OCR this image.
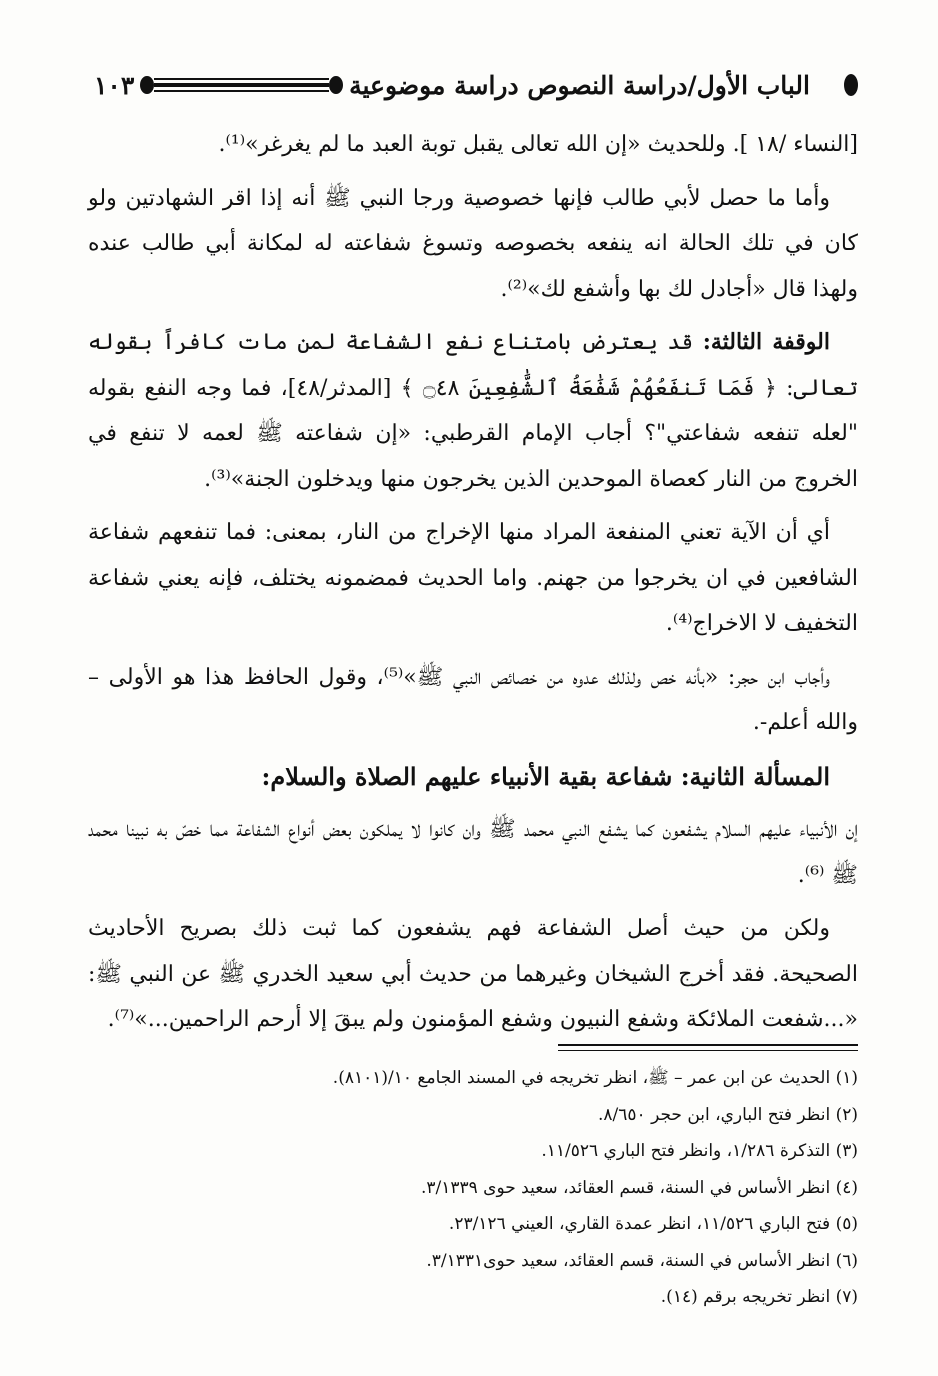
الباب الأول/دراسة النصوص دراسة موضوعية
١٠٣

[النساء /١٨ ]. وللحديث «إن الله تعالى يقبل توبة العبد ما لم يغرغر»⁽¹⁾.

وأما ما حصل لأبي طالب فإنها خصوصية ورجا النبي ﷺ أنه إذا اقر الشهادتين ولو كان في تلك الحالة انه ينفعه بخصوصه وتسوغ شفاعته له لمكانة أبي طالب عنده ولهذا قال «أجادل لك بها وأشفع لك»⁽²⁾.

الوقفة الثالثة: قد يعترض بامتناع نفع الشفاعة لمن مات كافراً بقوله تعالى: ﴿ فَمَا تَنفَعُهُمْ شَفَٰعَةُ ٱلشَّٰفِعِينَ ۝٤٨ ﴾ [المدثر/٤٨]، فما وجه النفع بقوله "لعله تنفعه شفاعتي"؟ أجاب الإمام القرطبي: «إن شفاعته ﷺ لعمه لا تنفع في الخروج من النار كعصاة الموحدين الذين يخرجون منها ويدخلون الجنة»⁽³⁾.

أي أن الآية تعني المنفعة المراد منها الإخراج من النار، بمعنى: فما تنفعهم شفاعة الشافعين في ان يخرجوا من جهنم. واما الحديث فمضمونه يختلف، فإنه يعني شفاعة التخفيف لا الاخراج⁽⁴⁾.

وأجاب ابن حجر: «بأنه خص ولذلك عدوه من خصائص النبي ﷺ»⁽⁵⁾، وقول الحافظ هذا هو الأولى –والله أعلم-.

المسألة الثانية: شفاعة بقية الأنبياء عليهم الصلاة والسلام:

إن الأنبياء عليهم السلام يشفعون كما يشفع النبي محمد ﷺ وان كانوا لا يملكون بعض أنواع الشفاعة مما خصّ به نبينا محمد ﷺ ⁽⁶⁾.

ولكن من حيث أصل الشفاعة فهم يشفعون كما ثبت ذلك بصريح الأحاديث الصحيحة. فقد أخرج الشيخان وغيرهما من حديث أبي سعيد الخدري ﷺ عن النبي ﷺ: «...شفعت الملائكة وشفع النبيون وشفع المؤمنون ولم يبقَ إلا أرحم الراحمين...»⁽⁷⁾.

(١) الحديث عن ابن عمر – ﷺ، انظر تخريجه في المسند الجامع ١٠/(٨١٠١).
(٢) انظر فتح الباري، ابن حجر ٨/٦٥٠.
(٣) التذكرة ١/٢٨٦، وانظر فتح الباري ١١/٥٢٦.
(٤) انظر الأساس في السنة، قسم العقائد، سعيد حوى ٣/١٣٣٩.
(٥) فتح الباري ١١/٥٢٦، انظر عمدة القاري، العيني ٢٣/١٢٦.
(٦) انظر الأساس في السنة، قسم العقائد، سعيد حوى٣/١٣٣١.
(٧) انظر تخريجه برقم (١٤).
